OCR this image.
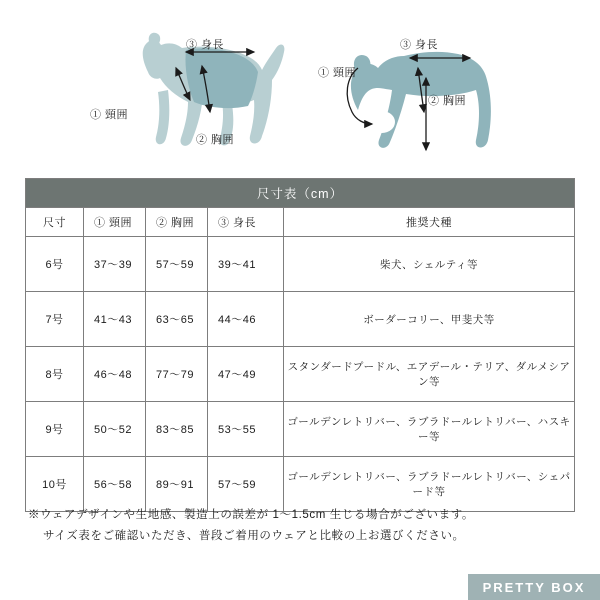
① 頸囲
② 胸囲
③ 身長
① 頸囲
② 胸囲
③ 身長
尺寸表（cm）				
尺寸	① 頸囲	② 胸囲	③ 身長	推奨犬種
6号	37～39	57～59	39～41	柴犬、シェルティ等
7号	41～43	63～65	44～46	ボーダーコリー、甲斐犬等
8号	46～48	77～79	47～49	スタンダードプードル、エアデール・テリア、ダルメシアン等
9号	50～52	83～85	53～55	ゴールデンレトリバー、ラブラドールレトリバー、ハスキー等
10号	56～58	89～91	57～59	ゴールデンレトリバー、ラブラドールレトリバー、シェパード等
※ウェアデザインや生地感、製造上の誤差が 1～1.5cm 生じる場合がございます。
サイズ表をご確認いただき、普段ご着用のウェアと比較の上お選びください。
PRETTY BOX
